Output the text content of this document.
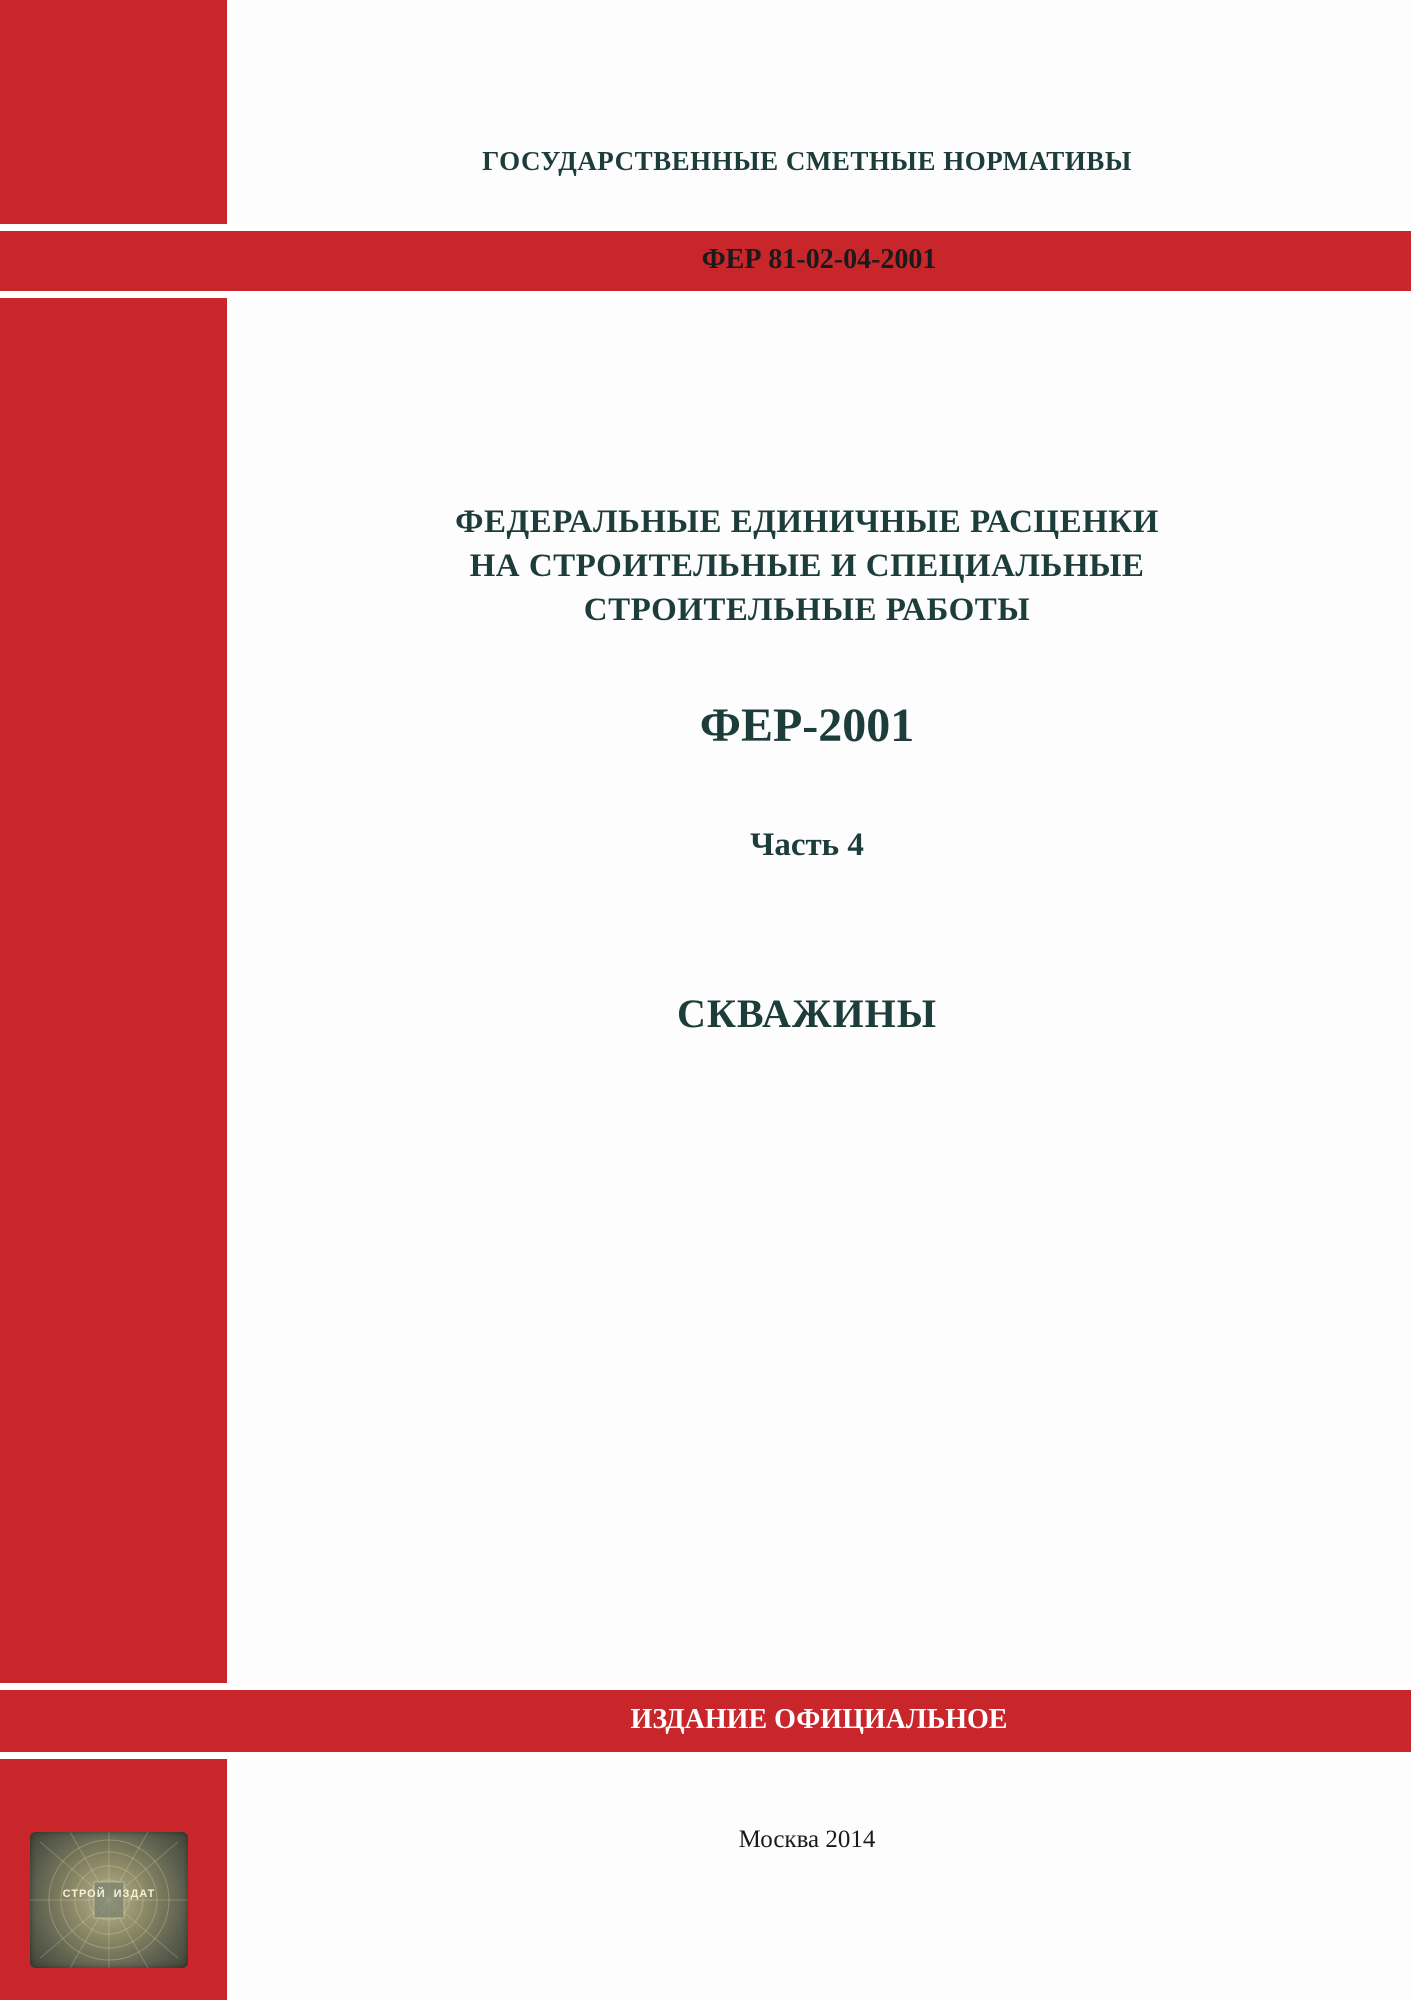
ФЕР 81-02-04-2001
ГОСУДАРСТВЕННЫЕ СМЕТНЫЕ НОРМАТИВЫ
ФЕДЕРАЛЬНЫЕ ЕДИНИЧНЫЕ РАСЦЕНКИ
НА СТРОИТЕЛЬНЫЕ И СПЕЦИАЛЬНЫЕ
СТРОИТЕЛЬНЫЕ РАБОТЫ
ФЕР-2001
Часть 4
СКВАЖИНЫ
ИЗДАНИЕ ОФИЦИАЛЬНОЕ
Москва 2014
СТРОЙ ИЗДАТ
